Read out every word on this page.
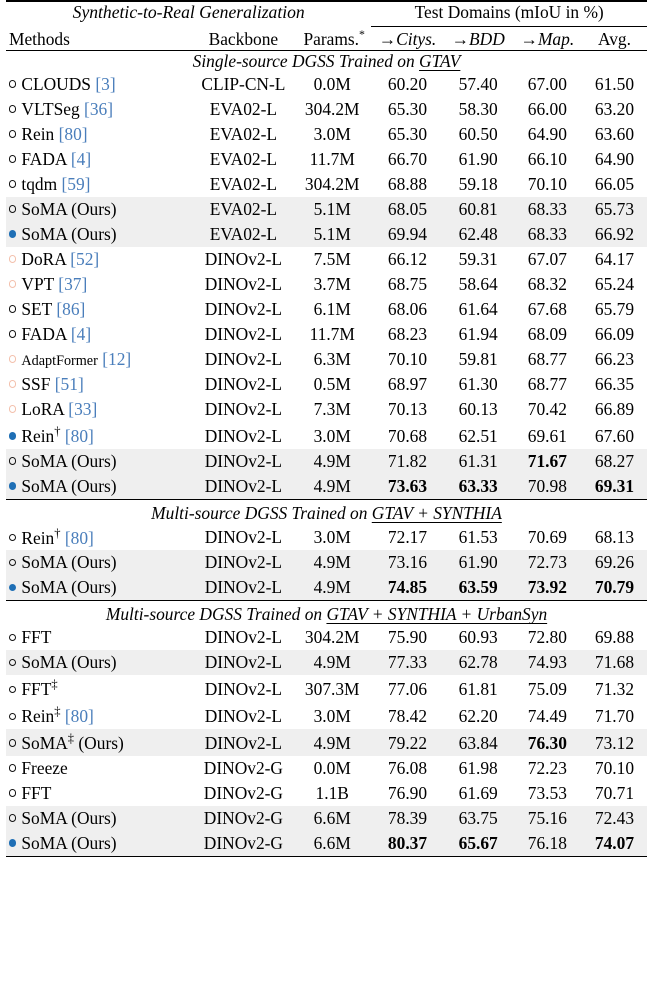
Synthetic-to-Real Generalization			Test Domains (mIoU in %)			

Methods	Backbone	Params.*	→Citys.	→BDD	→Map.	Avg.

Single-source DGSS Trained on GTAV						
CLOUDS [3]	CLIP-CN-L	0.0M	60.20	57.40	67.00	61.50
VLTSeg [36]	EVA02-L	304.2M	65.30	58.30	66.00	63.20
Rein [80]	EVA02-L	3.0M	65.30	60.50	64.90	63.60
FADA [4]	EVA02-L	11.7M	66.70	61.90	66.10	64.90
tqdm [59]	EVA02-L	304.2M	68.88	59.18	70.10	66.05
SoMA (Ours)	EVA02-L	5.1M	68.05	60.81	68.33	65.73
SoMA (Ours)	EVA02-L	5.1M	69.94	62.48	68.33	66.92
DoRA [52]	DINOv2-L	7.5M	66.12	59.31	67.07	64.17
VPT [37]	DINOv2-L	3.7M	68.75	58.64	68.32	65.24
SET [86]	DINOv2-L	6.1M	68.06	61.64	67.68	65.79
FADA [4]	DINOv2-L	11.7M	68.23	61.94	68.09	66.09
AdaptFormer [12]	DINOv2-L	6.3M	70.10	59.81	68.77	66.23
SSF [51]	DINOv2-L	0.5M	68.97	61.30	68.77	66.35
LoRA [33]	DINOv2-L	7.3M	70.13	60.13	70.42	66.89
Rein† [80]	DINOv2-L	3.0M	70.68	62.51	69.61	67.60
SoMA (Ours)	DINOv2-L	4.9M	71.82	61.31	71.67	68.27
SoMA (Ours)	DINOv2-L	4.9M	73.63	63.33	70.98	69.31

Multi-source DGSS Trained on GTAV + SYNTHIA						
Rein† [80]	DINOv2-L	3.0M	72.17	61.53	70.69	68.13
SoMA (Ours)	DINOv2-L	4.9M	73.16	61.90	72.73	69.26
SoMA (Ours)	DINOv2-L	4.9M	74.85	63.59	73.92	70.79

Multi-source DGSS Trained on GTAV + SYNTHIA + UrbanSyn						
FFT	DINOv2-L	304.2M	75.90	60.93	72.80	69.88
SoMA (Ours)	DINOv2-L	4.9M	77.33	62.78	74.93	71.68
FFT‡	DINOv2-L	307.3M	77.06	61.81	75.09	71.32
Rein‡ [80]	DINOv2-L	3.0M	78.42	62.20	74.49	71.70
SoMA‡ (Ours)	DINOv2-L	4.9M	79.22	63.84	76.30	73.12
Freeze	DINOv2-G	0.0M	76.08	61.98	72.23	70.10
FFT	DINOv2-G	1.1B	76.90	61.69	73.53	70.71
SoMA (Ours)	DINOv2-G	6.6M	78.39	63.75	75.16	72.43
SoMA (Ours)	DINOv2-G	6.6M	80.37	65.67	76.18	74.07
